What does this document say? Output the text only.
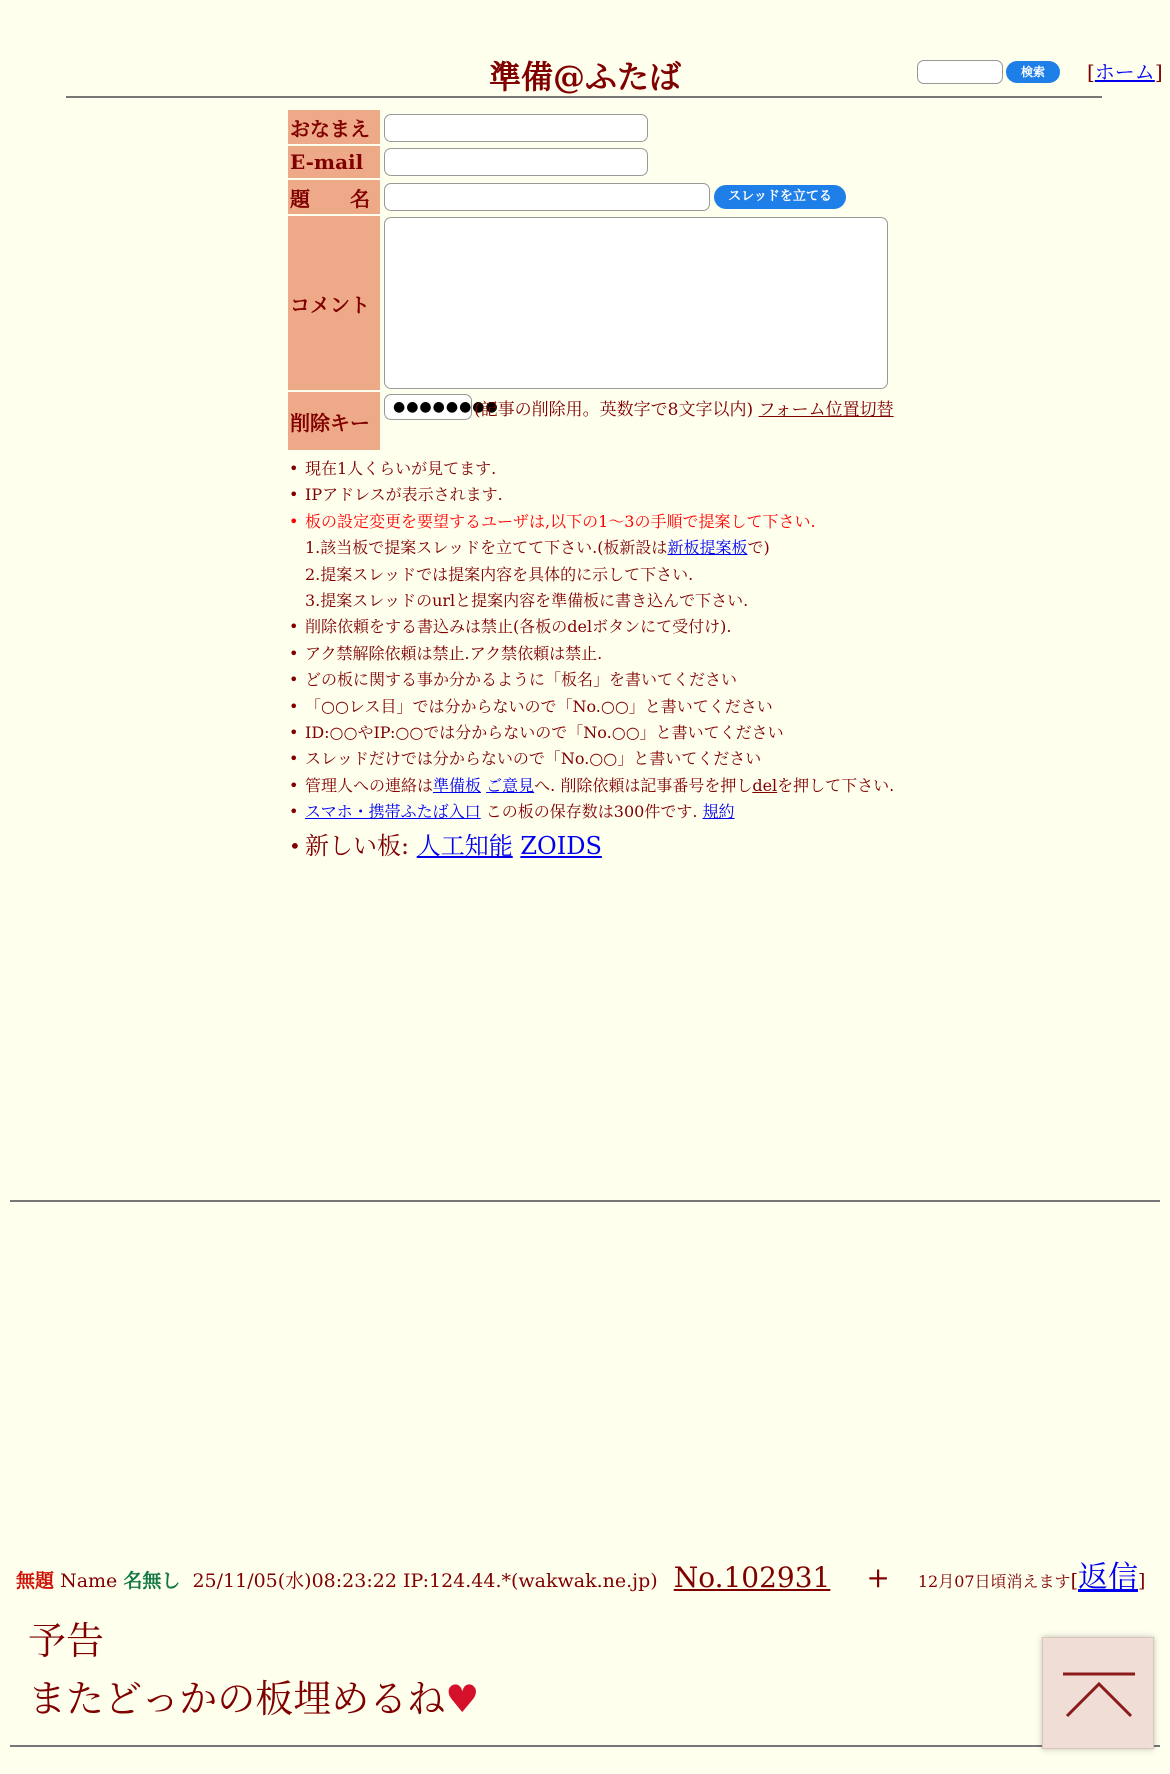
準備@ふたば	検索	[ホーム]
おなまえ
E-mail
題　　名	スレッドを立てる
コメント
削除キー
●●●●●●●●
(記事の削除用。英数字で8文字以内) フォーム位置切替
• 現在1人くらいが見てます.
• IPアドレスが表示されます.
• 板の設定変更を要望するユーザは,以下の1〜3の手順で提案して下さい.
1.該当板で提案スレッドを立てて下さい.(板新設は新板提案板で)
2.提案スレッドでは提案内容を具体的に示して下さい.
3.提案スレッドのurlと提案内容を準備板に書き込んで下さい.
• 削除依頼をする書込みは禁止(各板のdelボタンにて受付け).
• アク禁解除依頼は禁止.アク禁依頼は禁止.
• どの板に関する事か分かるように「板名」を書いてください
• 「○○レス目」では分からないので「No.○○」と書いてください
• ID:○○やIP:○○では分からないので「No.○○」と書いてください
• スレッドだけでは分からないので「No.○○」と書いてください
• 管理人への連絡は準備板 ご意見へ. 削除依頼は記事番号を押しdelを押して下さい.
• スマホ・携帯ふたば入口 この板の保存数は300件です. 規約
• 新しい板: 人工知能 ZOIDS
無題 Name 名無し 25/11/05(水)08:23:22 IP:124.44.*(wakwak.ne.jp) No.102931 + 12月07日頃消えます[返信]
予告
またどっかの板埋めるね♥
